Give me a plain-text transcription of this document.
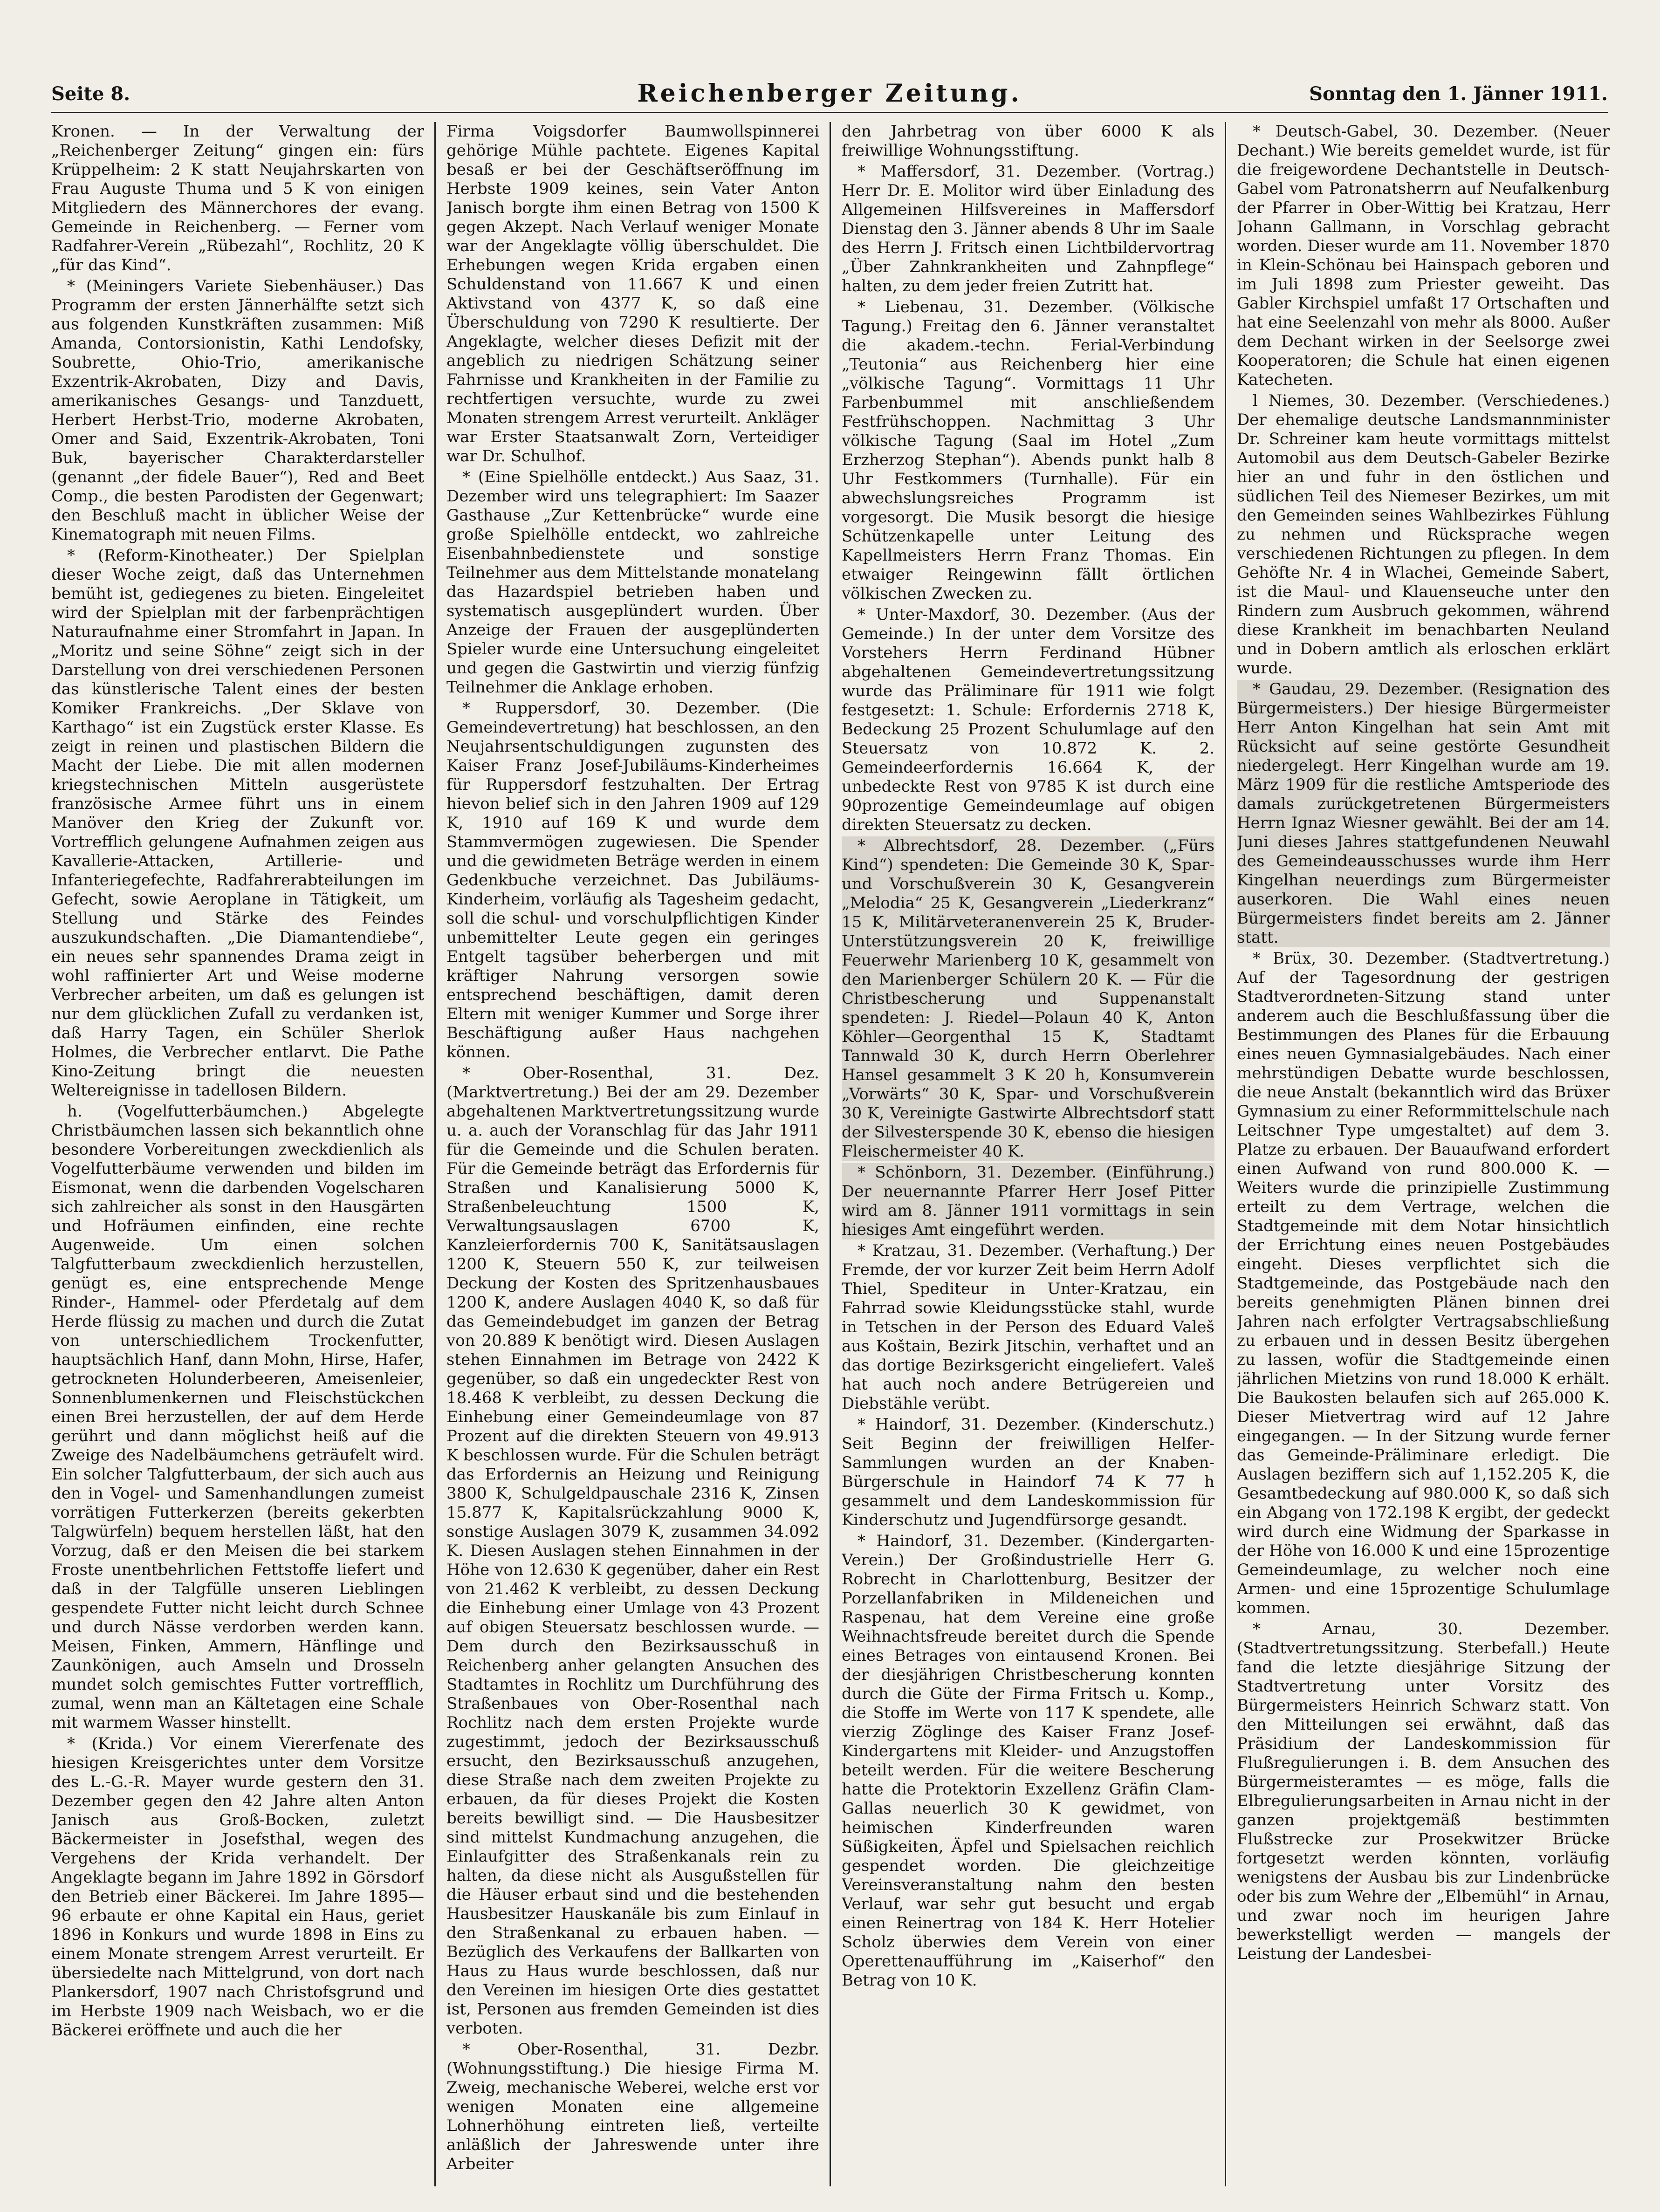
Seite 8.	Reichenberger Zeitung.	Sonntag den 1. Jänner 1911.

Kronen. — In der Verwaltung der „Reichenberger Zeitung“ gingen ein: fürs Krüppelheim: 2 K statt Neujahrskarten von Frau Auguste Thuma und 5 K von einigen Mitgliedern des Männerchores der evang. Gemeinde in Reichenberg. — Ferner vom Radfahrer-Verein „Rübezahl“, Rochlitz, 20 K „für das Kind“.

* (Meiningers Variete Siebenhäuser.) Das Programm der ersten Jännerhälfte setzt sich aus folgenden Kunstkräften zusammen: Miß Amanda, Contorsionistin, Kathi Lendofsky, Soubrette, Ohio-Trio, amerikanische Exzentrik-Akrobaten, Dizy and Davis, amerikanisches Gesangs- und Tanzduett, Herbert Herbst-Trio, moderne Akrobaten, Omer and Said, Exzentrik-Akrobaten, Toni Buk, bayerischer Charakterdarsteller (genannt „der fidele Bauer“), Red and Beet Comp., die besten Parodisten der Gegenwart; den Beschluß macht in üblicher Weise der Kinematograph mit neuen Films.

* (Reform-Kinotheater.) Der Spielplan dieser Woche zeigt, daß das Unternehmen bemüht ist, gediegenes zu bieten. Eingeleitet wird der Spielplan mit der farbenprächtigen Naturaufnahme einer Stromfahrt in Japan. In „Moritz und seine Söhne“ zeigt sich in der Darstellung von drei verschiedenen Personen das künstlerische Talent eines der besten Komiker Frankreichs. „Der Sklave von Karthago“ ist ein Zugstück erster Klasse. Es zeigt in reinen und plastischen Bildern die Macht der Liebe. Die mit allen modernen kriegstechnischen Mitteln ausgerüstete französische Armee führt uns in einem Manöver den Krieg der Zukunft vor. Vortrefflich gelungene Aufnahmen zeigen aus Kavallerie-Attacken, Artillerie- und Infanteriegefechte, Radfahrerabteilungen im Gefecht, sowie Aeroplane in Tätigkeit, um Stellung und Stärke des Feindes auszukundschaften. „Die Diamantendiebe“, ein neues sehr spannendes Drama zeigt in wohl raffinierter Art und Weise moderne Verbrecher arbeiten, um daß es gelungen ist nur dem glücklichen Zufall zu verdanken ist, daß Harry Tagen, ein Schüler Sherlok Holmes, die Verbrecher entlarvt. Die Pathe Kino-Zeitung bringt die neuesten Weltereignisse in tadellosen Bildern.

h. (Vogelfutterbäumchen.) Abgelegte Christbäumchen lassen sich bekanntlich ohne besondere Vorbereitungen zweckdienlich als Vogelfutterbäume verwenden und bilden im Eismonat, wenn die darbenden Vogelscharen sich zahlreicher als sonst in den Hausgärten und Hofräumen einfinden, eine rechte Augenweide. Um einen solchen Talgfutterbaum zweckdienlich herzustellen, genügt es, eine entsprechende Menge Rinder-, Hammel- oder Pferdetalg auf dem Herde flüssig zu machen und durch die Zutat von unterschiedlichem Trockenfutter, hauptsächlich Hanf, dann Mohn, Hirse, Hafer, getrockneten Holunderbeeren, Ameisenleier, Sonnenblumenkernen und Fleischstückchen einen Brei herzustellen, der auf dem Herde gerührt und dann möglichst heiß auf die Zweige des Nadelbäumchens geträufelt wird. Ein solcher Talgfutterbaum, der sich auch aus den in Vogel- und Samenhandlungen zumeist vorrätigen Futterkerzen (bereits gekerbten Talgwürfeln) bequem herstellen läßt, hat den Vorzug, daß er den Meisen die bei starkem Froste unentbehrlichen Fettstoffe liefert und daß in der Talgfülle unseren Lieblingen gespendete Futter nicht leicht durch Schnee und durch Nässe verdorben werden kann. Meisen, Finken, Ammern, Hänflinge und Zaunkönigen, auch Amseln und Drosseln mundet solch gemischtes Futter vortrefflich, zumal, wenn man an Kältetagen eine Schale mit warmem Wasser hinstellt.

* (Krida.) Vor einem Viererfenate des hiesigen Kreisgerichtes unter dem Vorsitze des L.-G.-R. Mayer wurde gestern den 31. Dezember gegen den 42 Jahre alten Anton Janisch aus Groß-Bocken, zuletzt Bäckermeister in Josefsthal, wegen des Vergehens der Krida verhandelt. Der Angeklagte begann im Jahre 1892 in Görsdorf den Betrieb einer Bäckerei. Im Jahre 1895—96 erbaute er ohne Kapital ein Haus, geriet 1896 in Konkurs und wurde 1898 in Eins zu einem Monate strengem Arrest verurteilt. Er übersiedelte nach Mittelgrund, von dort nach Plankersdorf, 1907 nach Christofsgrund und im Herbste 1909 nach Weisbach, wo er die Bäckerei eröffnete und auch die her

Firma Voigsdorfer Baumwollspinnerei gehörige Mühle pachtete. Eigenes Kapital besaß er bei der Geschäftseröffnung im Herbste 1909 keines, sein Vater Anton Janisch borgte ihm einen Betrag von 1500 K gegen Akzept. Nach Verlauf weniger Monate war der Angeklagte völlig überschuldet. Die Erhebungen wegen Krida ergaben einen Schuldenstand von 11.667 K und einen Aktivstand von 4377 K, so daß eine Überschuldung von 7290 K resultierte. Der Angeklagte, welcher dieses Defizit mit der angeblich zu niedrigen Schätzung seiner Fahrnisse und Krankheiten in der Familie zu rechtfertigen versuchte, wurde zu zwei Monaten strengem Arrest verurteilt. Ankläger war Erster Staatsanwalt Zorn, Verteidiger war Dr. Schulhof.

* (Eine Spielhölle entdeckt.) Aus Saaz, 31. Dezember wird uns telegraphiert: Im Saazer Gasthause „Zur Kettenbrücke“ wurde eine große Spielhölle entdeckt, wo zahlreiche Eisenbahnbedienstete und sonstige Teilnehmer aus dem Mittelstande monatelang das Hazardspiel betrieben haben und systematisch ausgeplündert wurden. Über Anzeige der Frauen der ausgeplünderten Spieler wurde eine Untersuchung eingeleitet und gegen die Gastwirtin und vierzig fünfzig Teilnehmer die Anklage erhoben.

* Ruppersdorf, 30. Dezember. (Die Gemeindevertretung) hat beschlossen, an den Neujahrsentschuldigungen zugunsten des Kaiser Franz Josef-Jubiläums-Kinderheimes für Ruppersdorf festzuhalten. Der Ertrag hievon belief sich in den Jahren 1909 auf 129 K, 1910 auf 169 K und wurde dem Stammvermögen zugewiesen. Die Spender und die gewidmeten Beträge werden in einem Gedenkbuche verzeichnet. Das Jubiläums-Kinderheim, vorläufig als Tagesheim gedacht, soll die schul- und vorschulpflichtigen Kinder unbemittelter Leute gegen ein geringes Entgelt tagsüber beherbergen und mit kräftiger Nahrung versorgen sowie entsprechend beschäftigen, damit deren Eltern mit weniger Kummer und Sorge ihrer Beschäftigung außer Haus nachgehen können.

* Ober-Rosenthal, 31. Dez. (Marktvertretung.) Bei der am 29. Dezember abgehaltenen Marktvertretungssitzung wurde u. a. auch der Voranschlag für das Jahr 1911 für die Gemeinde und die Schulen beraten. Für die Gemeinde beträgt das Erfordernis für Straßen und Kanalisierung 5000 K, Straßenbeleuchtung 1500 K, Verwaltungsauslagen 6700 K, Kanzleierfordernis 700 K, Sanitätsauslagen 1200 K, Steuern 550 K, zur teilweisen Deckung der Kosten des Spritzenhausbaues 1200 K, andere Auslagen 4040 K, so daß für das Gemeindebudget im ganzen der Betrag von 20.889 K benötigt wird. Diesen Auslagen stehen Einnahmen im Betrage von 2422 K gegenüber, so daß ein ungedeckter Rest von 18.468 K verbleibt, zu dessen Deckung die Einhebung einer Gemeindeumlage von 87 Prozent auf die direkten Steuern von 49.913 K beschlossen wurde. Für die Schulen beträgt das Erfordernis an Heizung und Reinigung 3800 K, Schulgeldpauschale 2316 K, Zinsen 15.877 K, Kapitalsrückzahlung 9000 K, sonstige Auslagen 3079 K, zusammen 34.092 K. Diesen Auslagen stehen Einnahmen in der Höhe von 12.630 K gegenüber, daher ein Rest von 21.462 K verbleibt, zu dessen Deckung die Einhebung einer Umlage von 43 Prozent auf obigen Steuersatz beschlossen wurde. — Dem durch den Bezirksausschuß in Reichenberg anher gelangten Ansuchen des Stadtamtes in Rochlitz um Durchführung des Straßenbaues von Ober-Rosenthal nach Rochlitz nach dem ersten Projekte wurde zugestimmt, jedoch der Bezirksausschuß ersucht, den Bezirksausschuß anzugehen, diese Straße nach dem zweiten Projekte zu erbauen, da für dieses Projekt die Kosten bereits bewilligt sind. — Die Hausbesitzer sind mittelst Kundmachung anzugehen, die Einlaufgitter des Straßenkanals rein zu halten, da diese nicht als Ausgußstellen für die Häuser erbaut sind und die bestehenden Hausbesitzer Hauskanäle bis zum Einlauf in den Straßenkanal zu erbauen haben. — Bezüglich des Verkaufens der Ballkarten von Haus zu Haus wurde beschlossen, daß nur den Vereinen im hiesigen Orte dies gestattet ist, Personen aus fremden Gemeinden ist dies verboten.

* Ober-Rosenthal, 31. Dezbr. (Wohnungsstiftung.) Die hiesige Firma M. Zweig, mechanische Weberei, welche erst vor wenigen Monaten eine allgemeine Lohnerhöhung eintreten ließ, verteilte anläßlich der Jahreswende unter ihre Arbeiter

den Jahrbetrag von über 6000 K als freiwillige Wohnungsstiftung.

* Maffersdorf, 31. Dezember. (Vortrag.) Herr Dr. E. Molitor wird über Einladung des Allgemeinen Hilfsvereines in Maffersdorf Dienstag den 3. Jänner abends 8 Uhr im Saale des Herrn J. Fritsch einen Lichtbildervortrag „Über Zahnkrankheiten und Zahnpflege“ halten, zu dem jeder freien Zutritt hat.

* Liebenau, 31. Dezember. (Völkische Tagung.) Freitag den 6. Jänner veranstaltet die akadem.-techn. Ferial-Verbindung „Teutonia“ aus Reichenberg hier eine „völkische Tagung“. Vormittags 11 Uhr Farbenbummel mit anschließendem Festfrühschoppen. Nachmittag 3 Uhr völkische Tagung (Saal im Hotel „Zum Erzherzog Stephan“). Abends punkt halb 8 Uhr Festkommers (Turnhalle). Für ein abwechslungsreiches Programm ist vorgesorgt. Die Musik besorgt die hiesige Schützenkapelle unter Leitung des Kapellmeisters Herrn Franz Thomas. Ein etwaiger Reingewinn fällt örtlichen völkischen Zwecken zu.

* Unter-Maxdorf, 30. Dezember. (Aus der Gemeinde.) In der unter dem Vorsitze des Vorstehers Herrn Ferdinand Hübner abgehaltenen Gemeindevertretungssitzung wurde das Präliminare für 1911 wie folgt festgesetzt: 1. Schule: Erfordernis 2718 K, Bedeckung 25 Prozent Schulumlage auf den Steuersatz von 10.872 K. 2. Gemeindeerfordernis 16.664 K, der unbedeckte Rest von 9785 K ist durch eine 90prozentige Gemeindeumlage auf obigen direkten Steuersatz zu decken.

* Albrechtsdorf, 28. Dezember. („Fürs Kind“) spendeten: Die Gemeinde 30 K, Spar- und Vorschußverein 30 K, Gesangverein „Melodia“ 25 K, Gesangverein „Liederkranz“ 15 K, Militärveteranenverein 25 K, Bruder-Unterstützungsverein 20 K, freiwillige Feuerwehr Marienberg 10 K, gesammelt von den Marienberger Schülern 20 K. — Für die Christbescherung und Suppenanstalt spendeten: J. Riedel—Polaun 40 K, Anton Köhler—Georgenthal 15 K, Stadtamt Tannwald 30 K, durch Herrn Oberlehrer Hansel gesammelt 3 K 20 h, Konsumverein „Vorwärts“ 30 K, Spar- und Vorschußverein 30 K, Vereinigte Gastwirte Albrechtsdorf statt der Silvesterspende 30 K, ebenso die hiesigen Fleischermeister 40 K.

* Schönborn, 31. Dezember. (Einführung.) Der neuernannte Pfarrer Herr Josef Pitter wird am 8. Jänner 1911 vormittags in sein hiesiges Amt eingeführt werden.

* Kratzau, 31. Dezember. (Verhaftung.) Der Fremde, der vor kurzer Zeit beim Herrn Adolf Thiel, Spediteur in Unter-Kratzau, ein Fahrrad sowie Kleidungsstücke stahl, wurde in Tetschen in der Person des Eduard Valeš aus Koštain, Bezirk Jitschin, verhaftet und an das dortige Bezirksgericht eingeliefert. Valeš hat auch noch andere Betrügereien und Diebstähle verübt.

* Haindorf, 31. Dezember. (Kinderschutz.) Seit Beginn der freiwilligen Helfer-Sammlungen wurden an der Knaben-Bürgerschule in Haindorf 74 K 77 h gesammelt und dem Landeskommission für Kinderschutz und Jugendfürsorge gesandt.

* Haindorf, 31. Dezember. (Kindergarten-Verein.) Der Großindustrielle Herr G. Robrecht in Charlottenburg, Besitzer der Porzellanfabriken in Mildeneichen und Raspenau, hat dem Vereine eine große Weihnachtsfreude bereitet durch die Spende eines Betrages von eintausend Kronen. Bei der diesjährigen Christbescherung konnten durch die Güte der Firma Fritsch u. Komp., die Stoffe im Werte von 117 K spendete, alle vierzig Zöglinge des Kaiser Franz Josef-Kindergartens mit Kleider- und Anzugstoffen beteilt werden. Für die weitere Bescherung hatte die Protektorin Exzellenz Gräfin Clam-Gallas neuerlich 30 K gewidmet, von heimischen Kinderfreunden waren Süßigkeiten, Äpfel und Spielsachen reichlich gespendet worden. Die gleichzeitige Vereinsveranstaltung nahm den besten Verlauf, war sehr gut besucht und ergab einen Reinertrag von 184 K. Herr Hotelier Scholz überwies dem Verein von einer Operettenaufführung im „Kaiserhof“ den Betrag von 10 K.

* Deutsch-Gabel, 30. Dezember. (Neuer Dechant.) Wie bereits gemeldet wurde, ist für die freigewordene Dechantstelle in Deutsch-Gabel vom Patronatsherrn auf Neufalkenburg der Pfarrer in Ober-Wittig bei Kratzau, Herr Johann Gallmann, in Vorschlag gebracht worden. Dieser wurde am 11. November 1870 in Klein-Schönau bei Hainspach geboren und im Juli 1898 zum Priester geweiht. Das Gabler Kirchspiel umfaßt 17 Ortschaften und hat eine Seelenzahl von mehr als 8000. Außer dem Dechant wirken in der Seelsorge zwei Kooperatoren; die Schule hat einen eigenen Katecheten.

l Niemes, 30. Dezember. (Verschiedenes.) Der ehemalige deutsche Landsmannminister Dr. Schreiner kam heute vormittags mittelst Automobil aus dem Deutsch-Gabeler Bezirke hier an und fuhr in den östlichen und südlichen Teil des Niemeser Bezirkes, um mit den Gemeinden seines Wahlbezirkes Fühlung zu nehmen und Rücksprache wegen verschiedenen Richtungen zu pflegen. In dem Gehöfte Nr. 4 in Wlachei, Gemeinde Sabert, ist die Maul- und Klauenseuche unter den Rindern zum Ausbruch gekommen, während diese Krankheit im benachbarten Neuland und in Dobern amtlich als erloschen erklärt wurde.

* Gaudau, 29. Dezember. (Resignation des Bürgermeisters.) Der hiesige Bürgermeister Herr Anton Kingelhan hat sein Amt mit Rücksicht auf seine gestörte Gesundheit niedergelegt. Herr Kingelhan wurde am 19. März 1909 für die restliche Amtsperiode des damals zurückgetretenen Bürgermeisters Herrn Ignaz Wiesner gewählt. Bei der am 14. Juni dieses Jahres stattgefundenen Neuwahl des Gemeindeausschusses wurde ihm Herr Kingelhan neuerdings zum Bürgermeister auserkoren. Die Wahl eines neuen Bürgermeisters findet bereits am 2. Jänner statt.

* Brüx, 30. Dezember. (Stadtvertretung.) Auf der Tagesordnung der gestrigen Stadtverordneten-Sitzung stand unter anderem auch die Beschlußfassung über die Bestimmungen des Planes für die Erbauung eines neuen Gymnasialgebäudes. Nach einer mehrstündigen Debatte wurde beschlossen, die neue Anstalt (bekanntlich wird das Brüxer Gymnasium zu einer Reformmittelschule nach Leitschner Type umgestaltet) auf dem 3. Platze zu erbauen. Der Bauaufwand erfordert einen Aufwand von rund 800.000 K. — Weiters wurde die prinzipielle Zustimmung erteilt zu dem Vertrage, welchen die Stadtgemeinde mit dem Notar hinsichtlich der Errichtung eines neuen Postgebäudes eingeht. Dieses verpflichtet sich die Stadtgemeinde, das Postgebäude nach den bereits genehmigten Plänen binnen drei Jahren nach erfolgter Vertragsabschließung zu erbauen und in dessen Besitz übergehen zu lassen, wofür die Stadtgemeinde einen jährlichen Mietzins von rund 18.000 K erhält. Die Baukosten belaufen sich auf 265.000 K. Dieser Mietvertrag wird auf 12 Jahre eingegangen. — In der Sitzung wurde ferner das Gemeinde-Präliminare erledigt. Die Auslagen beziffern sich auf 1,152.205 K, die Gesamtbedeckung auf 980.000 K, so daß sich ein Abgang von 172.198 K ergibt, der gedeckt wird durch eine Widmung der Sparkasse in der Höhe von 16.000 K und eine 15prozentige Gemeindeumlage, zu welcher noch eine Armen- und eine 15prozentige Schulumlage kommen.

* Arnau, 30. Dezember. (Stadtvertretungssitzung. Sterbefall.) Heute fand die letzte diesjährige Sitzung der Stadtvertretung unter Vorsitz des Bürgermeisters Heinrich Schwarz statt. Von den Mitteilungen sei erwähnt, daß das Präsidium der Landeskommission für Flußregulierungen i. B. dem Ansuchen des Bürgermeisteramtes — es möge, falls die Elbregulierungsarbeiten in Arnau nicht in der ganzen projektgemäß bestimmten Flußstrecke zur Prosekwitzer Brücke fortgesetzt werden könnten, vorläufig wenigstens der Ausbau bis zur Lindenbrücke oder bis zum Wehre der „Elbemühl“ in Arnau, und zwar noch im heurigen Jahre bewerkstelligt werden — mangels der Leistung der Landesbei-
